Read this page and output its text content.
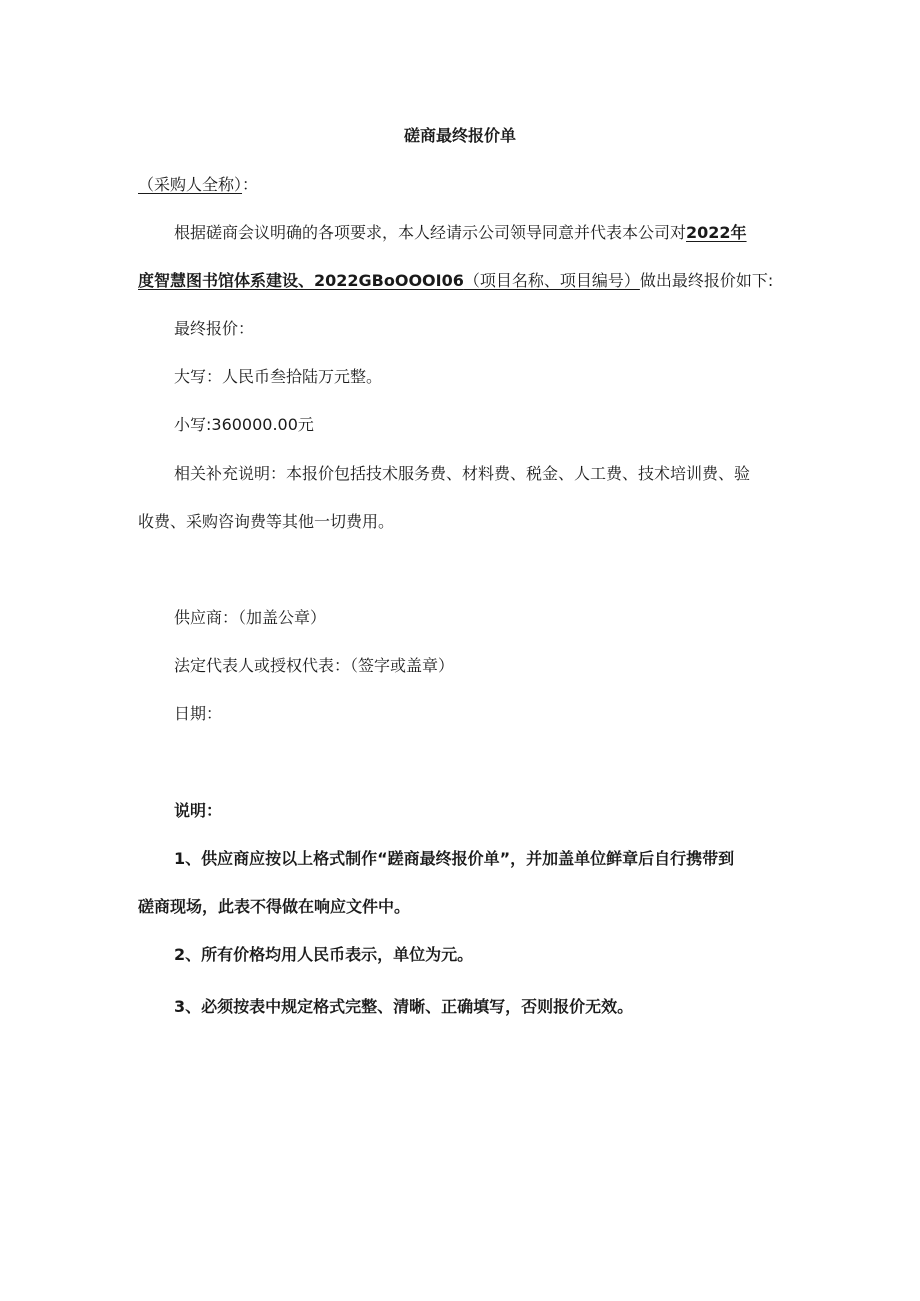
磋商最终报价单
（采购人全称）：
根据磋商会议明确的各项要求，本人经请示公司领导同意并代表本公司对2022年
度智慧图书馆体系建设、2022GBoOOOI06（项目名称、项目编号）做出最终报价如下:
最终报价：
大写：人民币叁拾陆万元整。
小写:360000.00元
相关补充说明：本报价包括技术服务费、材料费、税金、人工费、技术培训费、验
收费、采购咨询费等其他一切费用。
供应商：（加盖公章）
法定代表人或授权代表：（签字或盖章）
日期：
说明：
1、供应商应按以上格式制作“蹉商最终报价单”，并加盖单位鲜章后自行携带到
磋商现场，此表不得做在响应文件中。
2、所有价格均用人民币表示，单位为元。
3、必须按表中规定格式完整、清晰、正确填写，否则报价无效。
